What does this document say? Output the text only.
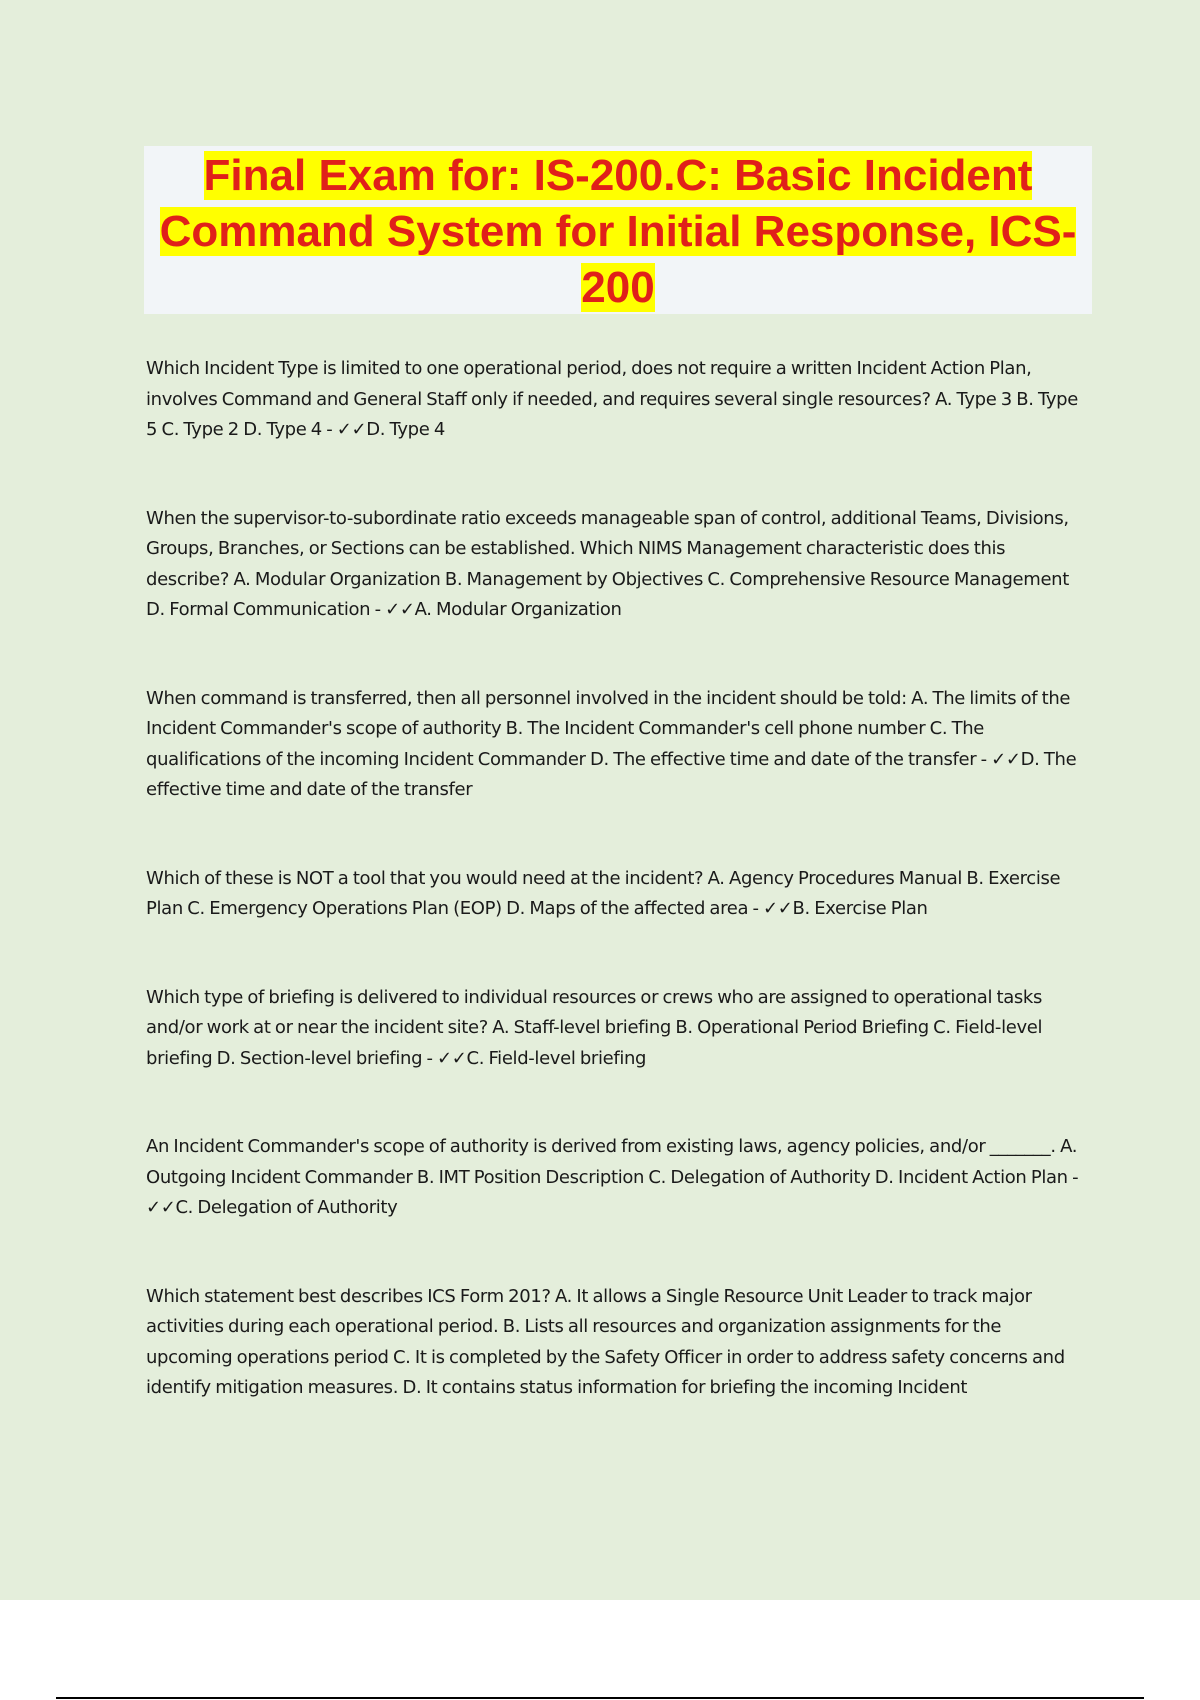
Final Exam for: IS-200.C: Basic Incident Command System for Initial Response, ICS-200

Which Incident Type is limited to one operational period, does not require a written Incident Action Plan, involves Command and General Staff only if needed, and requires several single resources? A. Type 3 B. Type 5 C. Type 2 D. Type 4 - ✓✓D. Type 4

When the supervisor-to-subordinate ratio exceeds manageable span of control, additional Teams, Divisions, Groups, Branches, or Sections can be established. Which NIMS Management characteristic does this describe? A. Modular Organization B. Management by Objectives C. Comprehensive Resource Management D. Formal Communication - ✓✓A. Modular Organization

When command is transferred, then all personnel involved in the incident should be told: A. The limits of the Incident Commander's scope of authority B. The Incident Commander's cell phone number C. The qualifications of the incoming Incident Commander D. The effective time and date of the transfer - ✓✓D. The effective time and date of the transfer

Which of these is NOT a tool that you would need at the incident? A. Agency Procedures Manual B. Exercise Plan C. Emergency Operations Plan (EOP) D. Maps of the affected area - ✓✓B. Exercise Plan

Which type of briefing is delivered to individual resources or crews who are assigned to operational tasks and/or work at or near the incident site? A. Staff-level briefing B. Operational Period Briefing C. Field-level briefing D. Section-level briefing - ✓✓C. Field-level briefing

An Incident Commander's scope of authority is derived from existing laws, agency policies, and/or _______. A. Outgoing Incident Commander B. IMT Position Description C. Delegation of Authority D. Incident Action Plan - ✓✓C. Delegation of Authority

Which statement best describes ICS Form 201? A. It allows a Single Resource Unit Leader to track major activities during each operational period. B. Lists all resources and organization assignments for the upcoming operations period C. It is completed by the Safety Officer in order to address safety concerns and identify mitigation measures. D. It contains status information for briefing the incoming Incident
